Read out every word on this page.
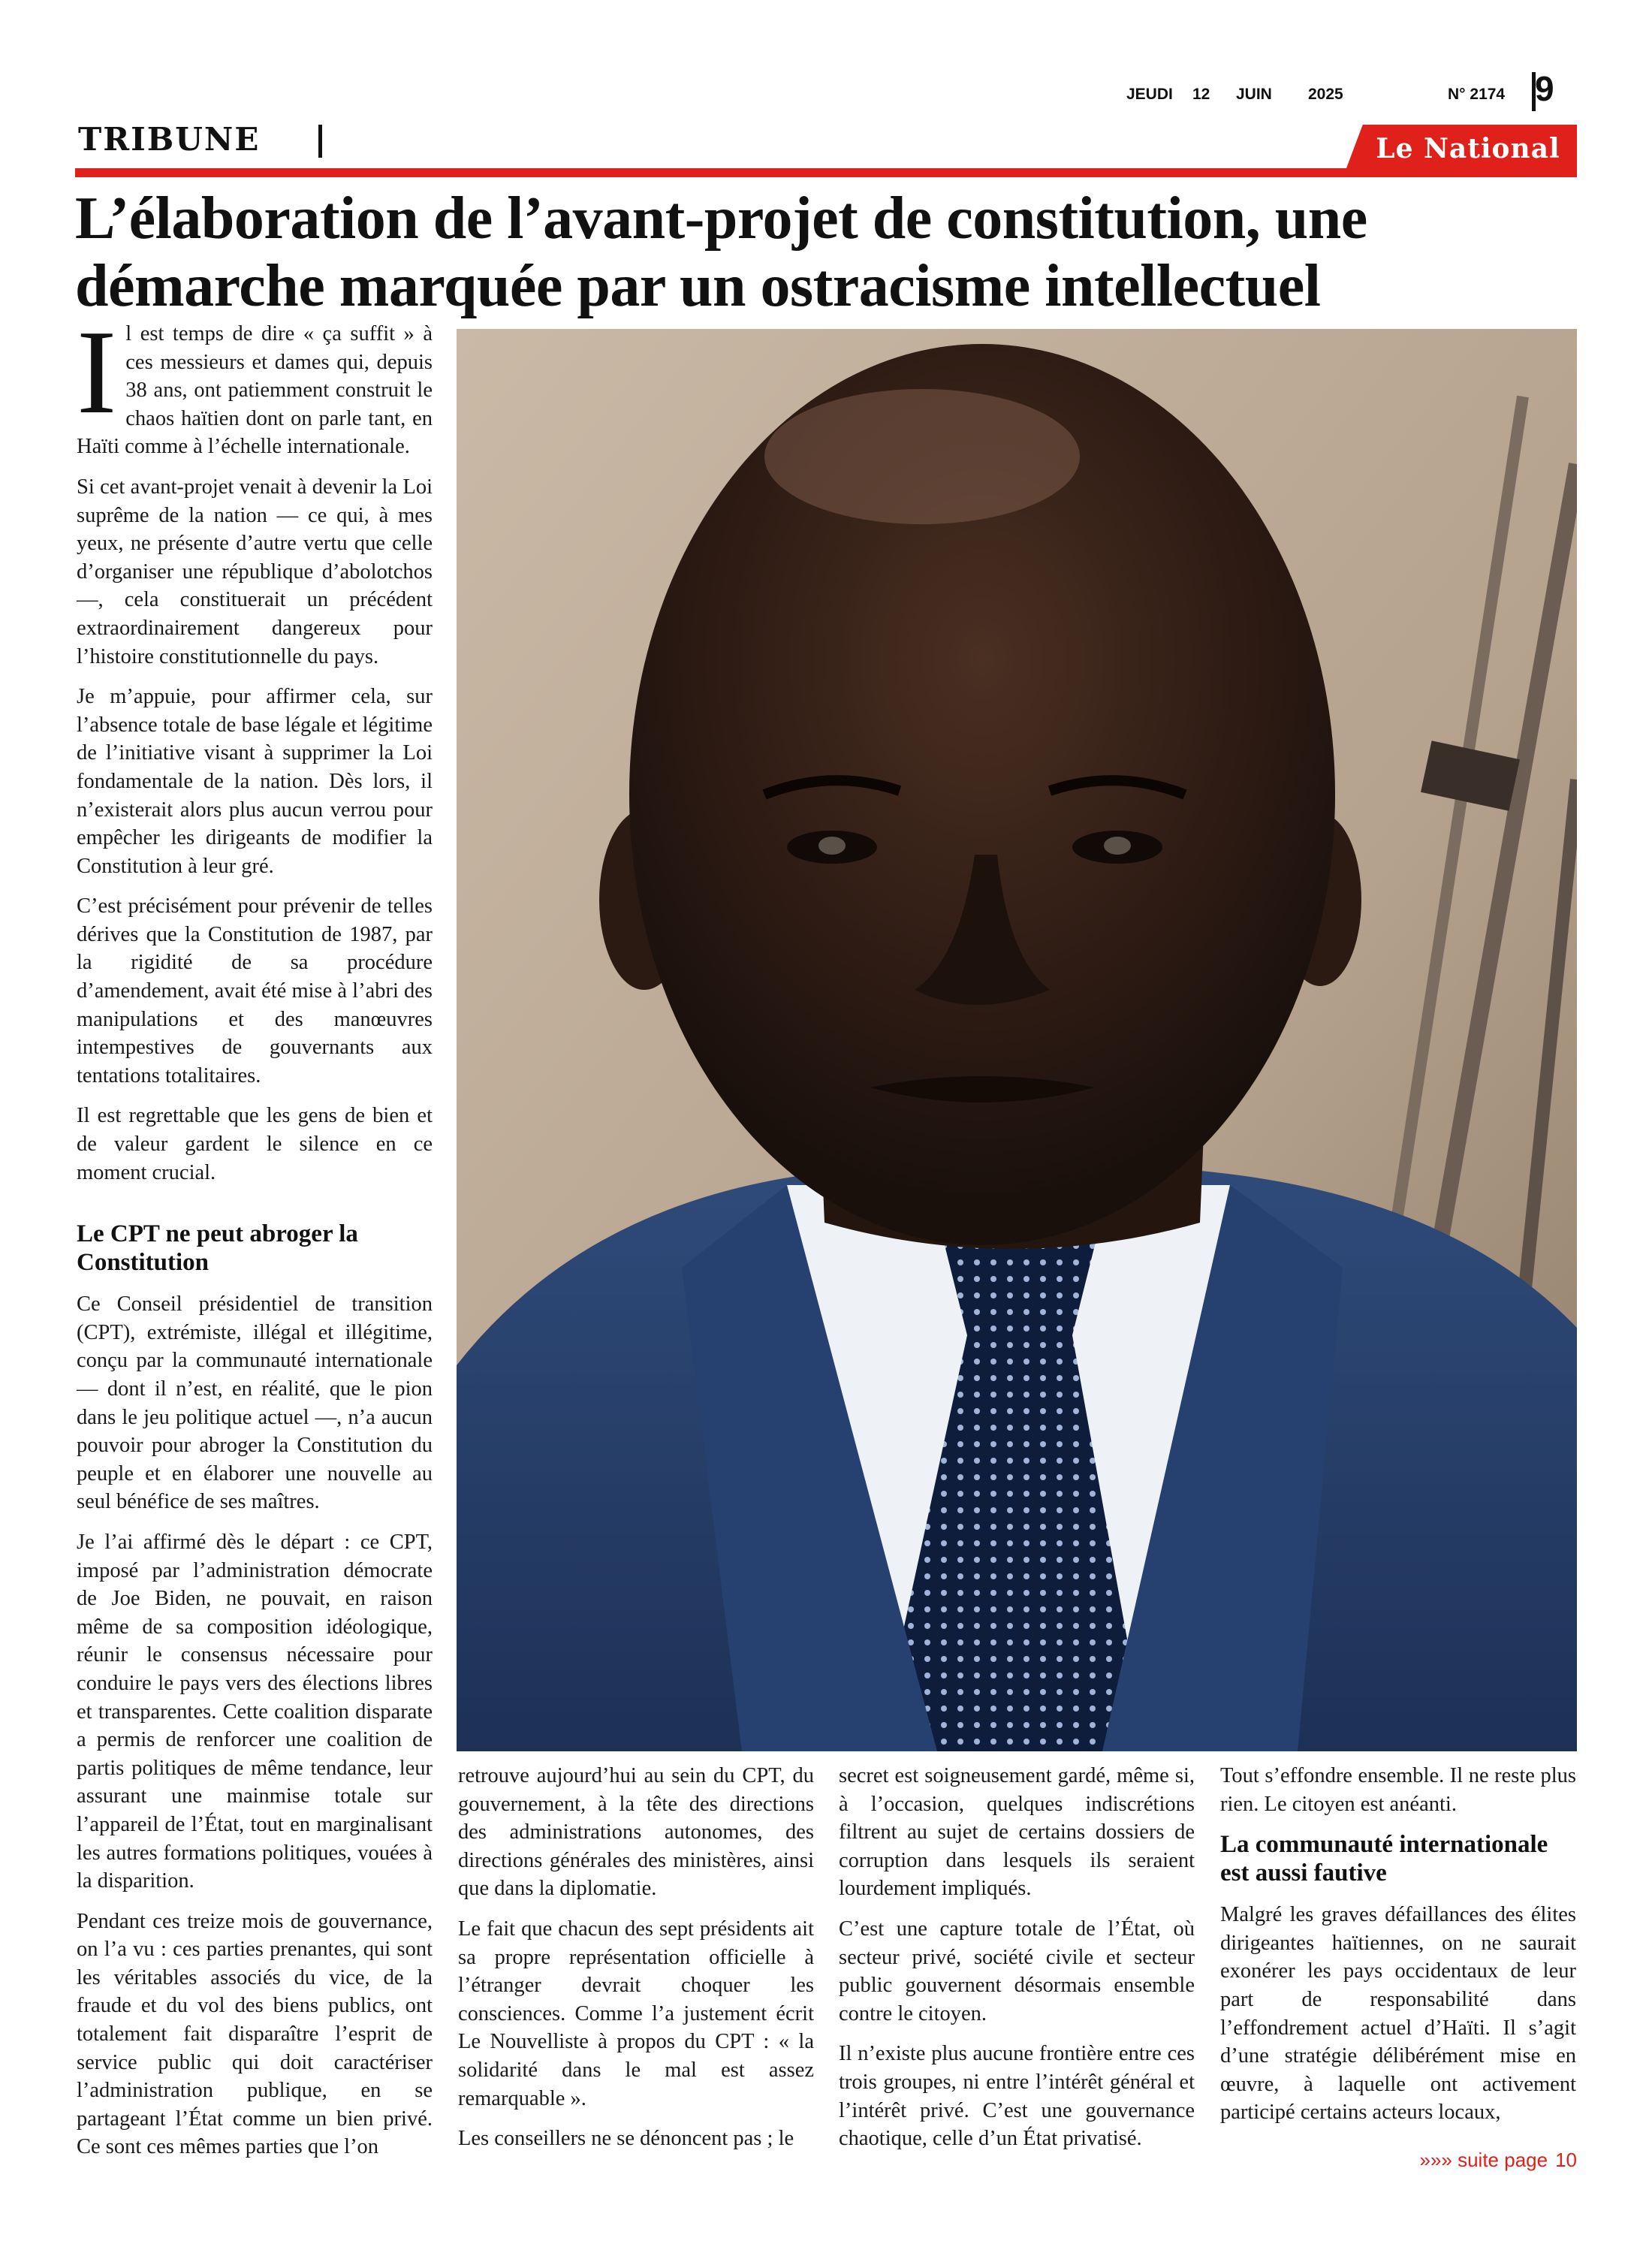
JEUDI 12 JUIN 2025	N° 2174 9
TRIBUNE	Le National
L’élaboration de l’avant-projet de constitution, une démarche marquée par un ostracisme intellectuel

Il est temps de dire « ça suffit » à ces messieurs et dames qui, depuis 38 ans, ont patiemment construit le chaos haïtien dont on parle tant, en Haïti comme à l’échelle internationale.

Si cet avant-projet venait à devenir la Loi suprême de la nation — ce qui, à mes yeux, ne présente d’autre vertu que celle d’organiser une république d’abolotchos —, cela constituerait un précédent extraordinairement dangereux pour l’histoire constitutionnelle du pays.

Je m’appuie, pour affirmer cela, sur l’absence totale de base légale et légitime de l’initiative visant à supprimer la Loi fondamentale de la nation. Dès lors, il n’existerait alors plus aucun verrou pour empêcher les dirigeants de modifier la Constitution à leur gré.

C’est précisément pour prévenir de telles dérives que la Constitution de 1987, par la rigidité de sa procédure d’amendement, avait été mise à l’abri des manipulations et des manœuvres intempestives de gouvernants aux tentations totalitaires.

Il est regrettable que les gens de bien et de valeur gardent le silence en ce moment crucial.

Le CPT ne peut abroger la Constitution

Ce Conseil présidentiel de transition (CPT), extrémiste, illégal et illégitime, conçu par la communauté internationale — dont il n’est, en réalité, que le pion dans le jeu politique actuel —, n’a aucun pouvoir pour abroger la Constitution du peuple et en élaborer une nouvelle au seul bénéfice de ses maîtres.

Je l’ai affirmé dès le départ : ce CPT, imposé par l’administration démocrate de Joe Biden, ne pouvait, en raison même de sa composition idéologique, réunir le consensus nécessaire pour conduire le pays vers des élections libres et transparentes. Cette coalition disparate a permis de renforcer une coalition de partis politiques de même tendance, leur assurant une mainmise totale sur l’appareil de l’État, tout en marginalisant les autres formations politiques, vouées à la disparition.

Pendant ces treize mois de gouvernance, on l’a vu : ces parties prenantes, qui sont les véritables associés du vice, de la fraude et du vol des biens publics, ont totalement fait disparaître l’esprit de service public qui doit caractériser l’administration publique, en se partageant l’État comme un bien privé. Ce sont ces mêmes parties que l’on

retrouve aujourd’hui au sein du CPT, du gouvernement, à la tête des directions des administrations autonomes, des directions générales des ministères, ainsi que dans la diplomatie.

Le fait que chacun des sept présidents ait sa propre représentation officielle à l’étranger devrait choquer les consciences. Comme l’a justement écrit Le Nouvelliste à propos du CPT : « la solidarité dans le mal est assez remarquable ».

Les conseillers ne se dénoncent pas ; le

secret est soigneusement gardé, même si, à l’occasion, quelques indiscrétions filtrent au sujet de certains dossiers de corruption dans lesquels ils seraient lourdement impliqués.

C’est une capture totale de l’État, où secteur privé, société civile et secteur public gouvernent désormais ensemble contre le citoyen.

Il n’existe plus aucune frontière entre ces trois groupes, ni entre l’intérêt général et l’intérêt privé. C’est une gouvernance chaotique, celle d’un État privatisé.

Tout s’effondre ensemble. Il ne reste plus rien. Le citoyen est anéanti.

La communauté internationale est aussi fautive

Malgré les graves défaillances des élites dirigeantes haïtiennes, on ne saurait exonérer les pays occidentaux de leur part de responsabilité dans l’effondrement actuel d’Haïti. Il s’agit d’une stratégie délibérément mise en œuvre, à laquelle ont activement participé certains acteurs locaux,

»»» suite page 10
